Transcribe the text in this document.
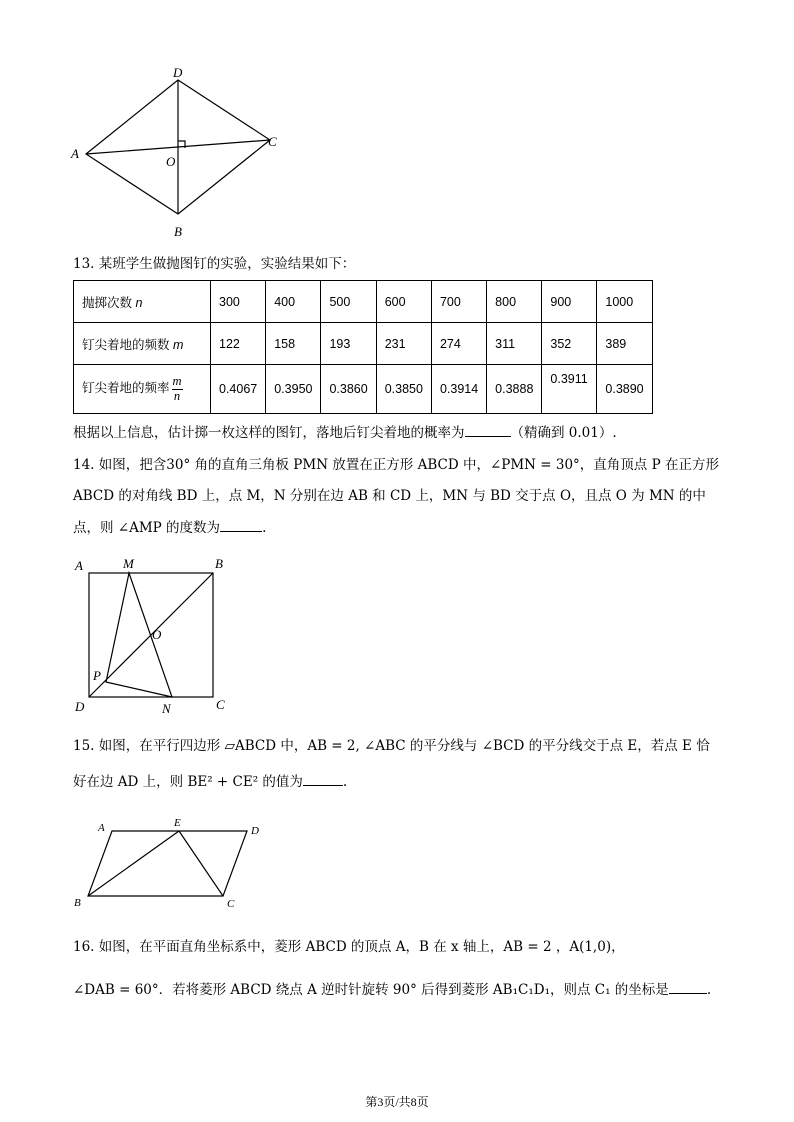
D
A
C
O
B
13. 某班学生做抛图钉的实验，实验结果如下：
抛掷次数 n	300	400	500	600	700	800	900	1000
钉尖着地的频数 m	122	158	193	231	274	311	352	389
钉尖着地的频率 $\frac{m}{n}$	0.4067	0.3950	0.3860	0.3850	0.3914	0.3888	0.3911	0.3890
根据以上信息，估计掷一枚这样的图钉，落地后钉尖着地的概率为	（精确到 0.01）.
14. 如图，把含30° 角的直角三角板 PMN 放置在正方形 ABCD 中，∠PMN = 30°，直角顶点 P 在正方形
ABCD 的对角线 BD 上，点 M，N 分别在边 AB 和 CD 上，MN 与 BD 交于点 O，且点 O 为 MN 的中
点，则 ∠AMP 的度数为	.
A	M	B
O
P
D	N	C
15. 如图，在平行四边形 ▱ABCD 中，AB = 2, ∠ABC 的平分线与 ∠BCD 的平分线交于点 E，若点 E 恰
好在边 AD 上，则 BE² + CE² 的值为	.
A	E
D
B	C
16. 如图，在平面直角坐标系中，菱形 ABCD 的顶点 A，B 在 x 轴上，AB = 2 ，A(1,0)，
∠DAB = 60°．若将菱形 ABCD 绕点 A 逆时针旋转 90° 后得到菱形 AB₁C₁D₁，则点 C₁ 的坐标是	.
第3页/共8页
